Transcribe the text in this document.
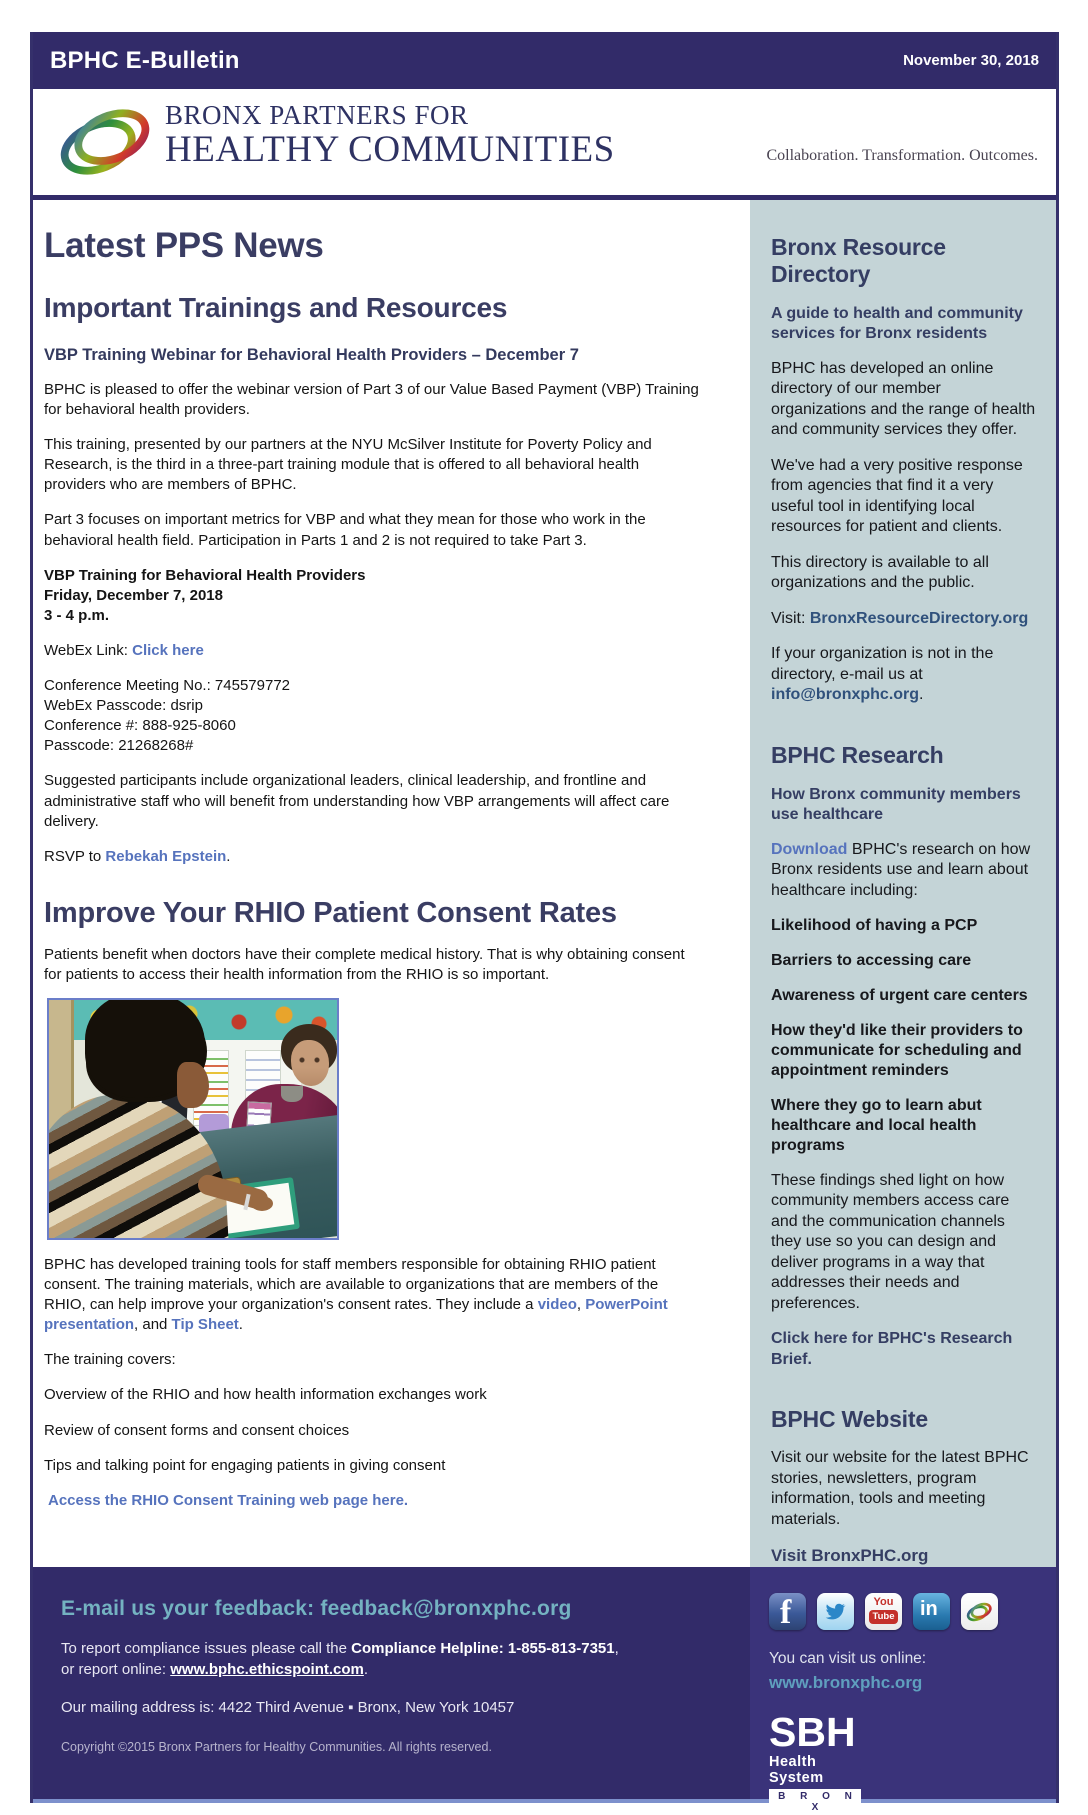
BPHC E-Bulletin	November 30, 2018
BRONX PARTNERS FOR
HEALTHY COMMUNITIES	Collaboration. Transformation. Outcomes.
Latest PPS News
Important Trainings and Resources
VBP Training Webinar for Behavioral Health Providers – December 7
BPHC is pleased to offer the webinar version of Part 3 of our Value Based Payment (VBP) Training for behavioral health providers.
This training, presented by our partners at the NYU McSilver Institute for Poverty Policy and Research, is the third in a three-part training module that is offered to all behavioral health providers who are members of BPHC.
Part 3 focuses on important metrics for VBP and what they mean for those who work in the behavioral health field. Participation in Parts 1 and 2 is not required to take Part 3.
VBP Training for Behavioral Health Providers
Friday, December 7, 2018
3 - 4 p.m.
WebEx Link: Click here
Conference Meeting No.: 745579772
WebEx Passcode: dsrip
Conference #: 888-925-8060
Passcode: 21268268#
Suggested participants include organizational leaders, clinical leadership, and frontline and administrative staff who will benefit from understanding how VBP arrangements will affect care delivery.
RSVP to Rebekah Epstein.
Improve Your RHIO Patient Consent Rates
Patients benefit when doctors have their complete medical history. That is why obtaining consent for patients to access their health information from the RHIO is so important.
BPHC has developed training tools for staff members responsible for obtaining RHIO patient consent. The training materials, which are available to organizations that are members of the RHIO, can help improve your organization's consent rates. They include a video, PowerPoint presentation, and Tip Sheet.
The training covers:
Overview of the RHIO and how health information exchanges work
Review of consent forms and consent choices
Tips and talking point for engaging patients in giving consent
Access the RHIO Consent Training web page here.
Bronx Resource Directory
A guide to health and community services for Bronx residents
BPHC has developed an online directory of our member organizations and the range of health and community services they offer.
We've had a very positive response from agencies that find it a very useful tool in identifying local resources for patient and clients.
This directory is available to all organizations and the public.
Visit: BronxResourceDirectory.org
If your organization is not in the directory, e-mail us at info@bronxphc.org.
BPHC Research
How Bronx community members use healthcare
Download BPHC's research on how Bronx residents use and learn about healthcare including:
Likelihood of having a PCP
Barriers to accessing care
Awareness of urgent care centers
How they'd like their providers to communicate for scheduling and appointment reminders
Where they go to learn abut healthcare and local health programs
These findings shed light on how community members access care and the communication channels they use so you can design and deliver programs in a way that addresses their needs and preferences.
Click here for BPHC's Research Brief.
BPHC Website
Visit our website for the latest BPHC stories, newsletters, program information, tools and meeting materials.
Visit BronxPHC.org
E-mail us your feedback: feedback@bronxphc.org
To report compliance issues please call the Compliance Helpline: 1-855-813-7351,
or report online: www.bphc.ethicspoint.com.
Our mailing address is: 4422 Third Avenue ▪ Bronx, New York 10457
Copyright ©2015 Bronx Partners for Healthy Communities. All rights reserved.
f	You
Tube in
You can visit us online:
www.bronxphc.org
SBH
Health System
B R O N X
